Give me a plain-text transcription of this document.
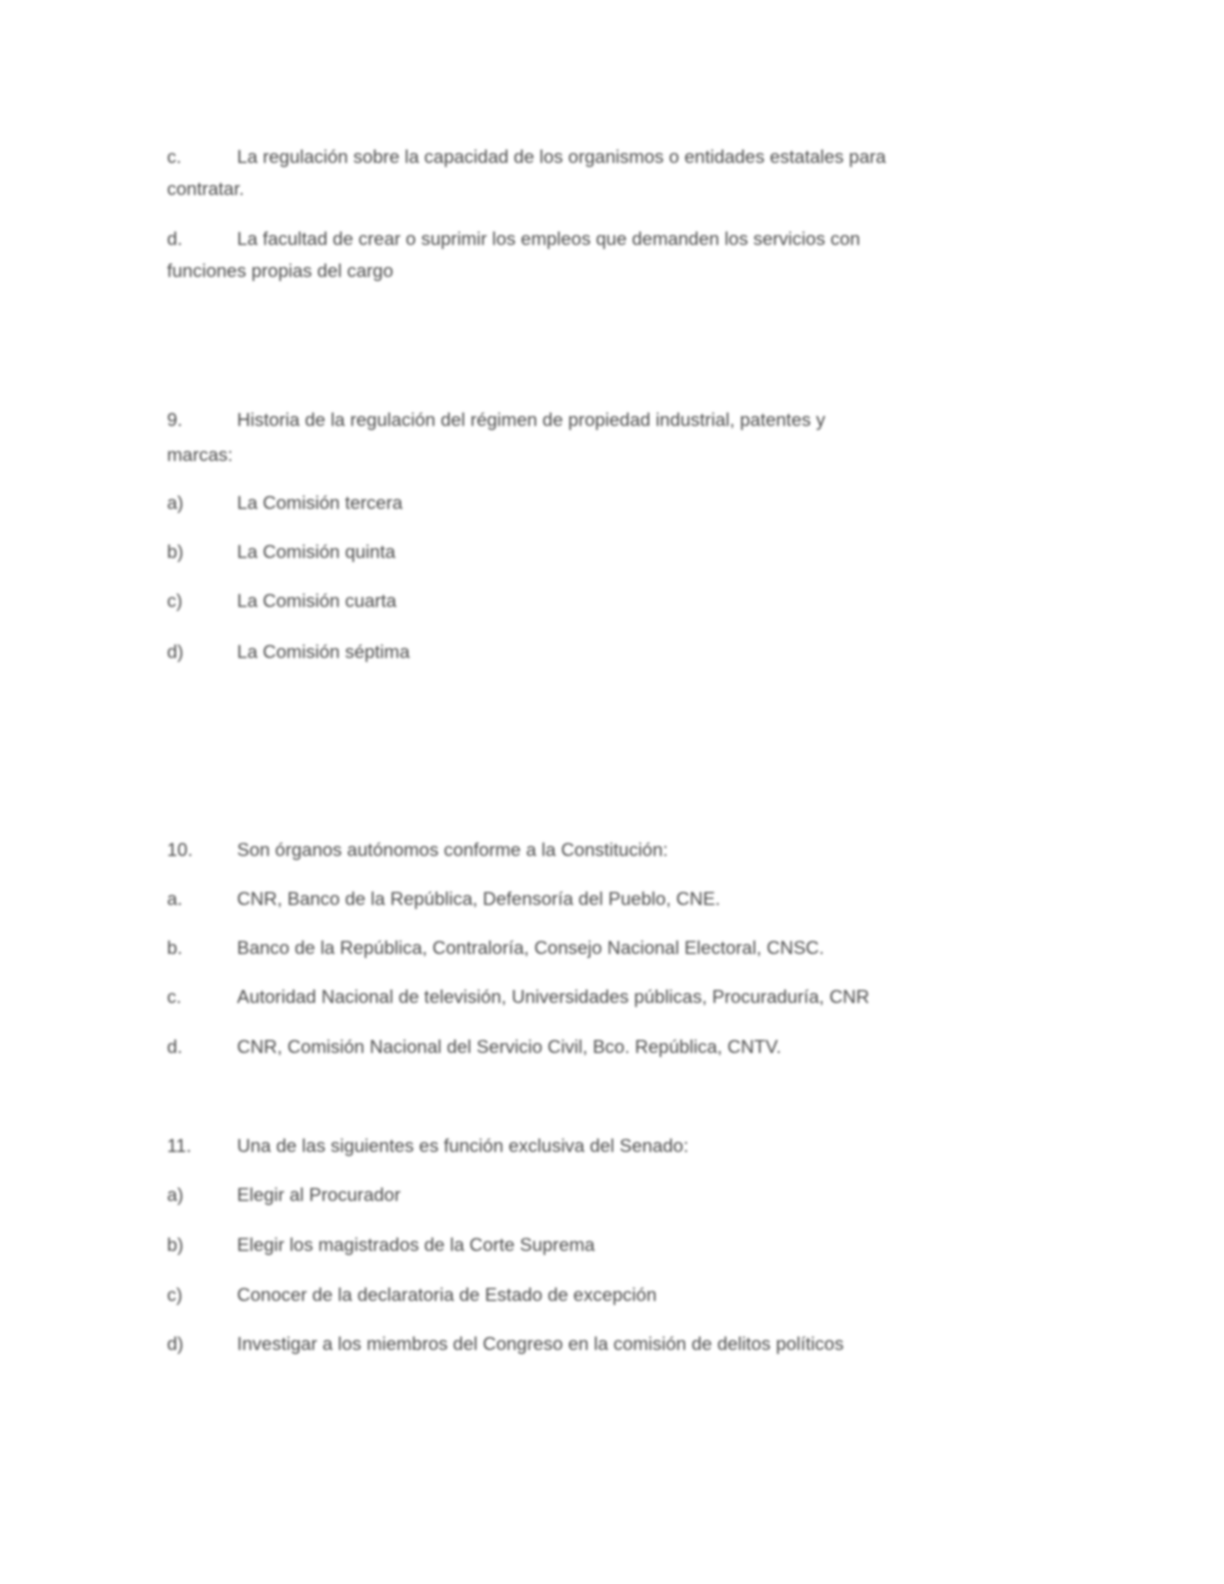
c.	La regulación sobre la capacidad de los organismos o entidades estatales para
contratar.
d.	La facultad de crear o suprimir los empleos que demanden los servicios con
funciones propias del cargo
9.	Historia de la regulación del régimen de propiedad industrial, patentes y
marcas:
a)	La Comisión tercera
b)	La Comisión quinta
c)	La Comisión cuarta
d)	La Comisión séptima
10. Son órganos autónomos conforme a la Constitución:
a.	CNR, Banco de la República, Defensoría del Pueblo, CNE.
b.	Banco de la República, Contraloría, Consejo Nacional Electoral, CNSC.
c.	Autoridad Nacional de televisión, Universidades públicas, Procuraduría, CNR
d.	CNR, Comisión Nacional del Servicio Civil, Bco. República, CNTV.
11. Una de las siguientes es función exclusiva del Senado:
a)	Elegir al Procurador
b)	Elegir los magistrados de la Corte Suprema
c)	Conocer de la declaratoria de Estado de excepción
d)	Investigar a los miembros del Congreso en la comisión de delitos políticos
